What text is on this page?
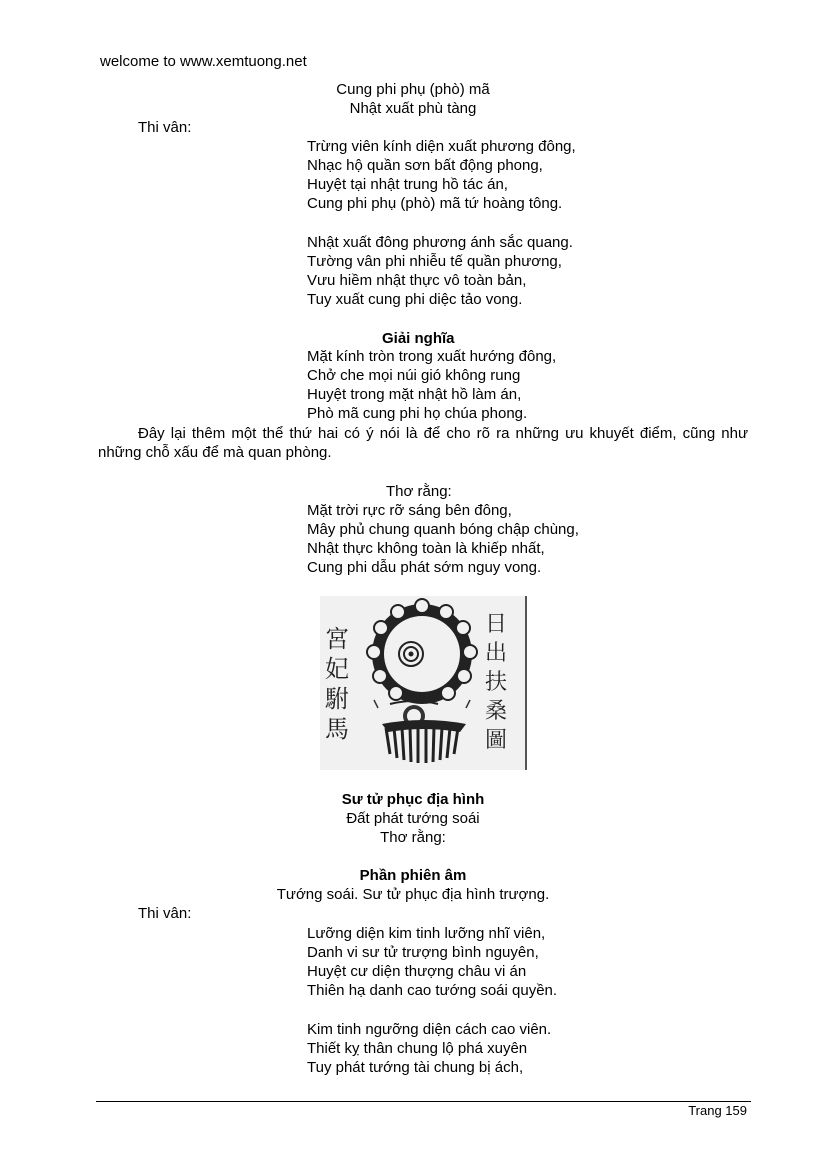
welcome to www.xemtuong.net
Cung phi phụ (phò) mã
Nhật xuất phù tàng
Thi vân:
Trừng viên kính diện xuất phương đông,
Nhạc hộ quần sơn bất động phong,
Huyệt tại nhật trung hồ tác án,
Cung phi phụ (phò) mã tứ hoàng tông.
Nhật xuất đông phương ánh sắc quang.
Tường vân phi nhiễu tế quần phương,
Vưu hiềm nhật thực vô toàn bản,
Tuy xuất cung phi diệc tảo vong.
Giải nghĩa
Mặt kính tròn trong xuất hướng đông,
Chở che mọi núi gió không rung
Huyệt trong mặt nhật hồ làm án,
Phò mã cung phi họ chúa phong.
Đây lại thêm một thể thứ hai có ý nói là để cho rõ ra những ưu khuyết điểm, cũng như những chỗ xấu để mà quan phòng.
Thơ rằng:
Mặt trời rực rỡ sáng bên đông,
Mây phủ chung quanh bóng chập chùng,
Nhật thực không toàn là khiếp nhất,
Cung phi dẫu phát sớm nguy vong.
宮
妃
駙
馬
日
出
扶
桑
圖
Sư tử phục địa hình
Đất phát tướng soái
Thơ rằng:
Phần phiên âm
Tướng soái. Sư tử phục địa hình trượng.
Thi vân:
Lưỡng diện kim tinh lưỡng nhĩ viên,
Danh vi sư tử trượng bình nguyên,
Huyệt cư diện thượng châu vi án
Thiên hạ danh cao tướng soái quyền.
Kim tinh ngưỡng diện cách cao viên.
Thiết kỵ thân chung lộ phá xuyên
Tuy phát tướng tài chung bị ách,
Trang 159
